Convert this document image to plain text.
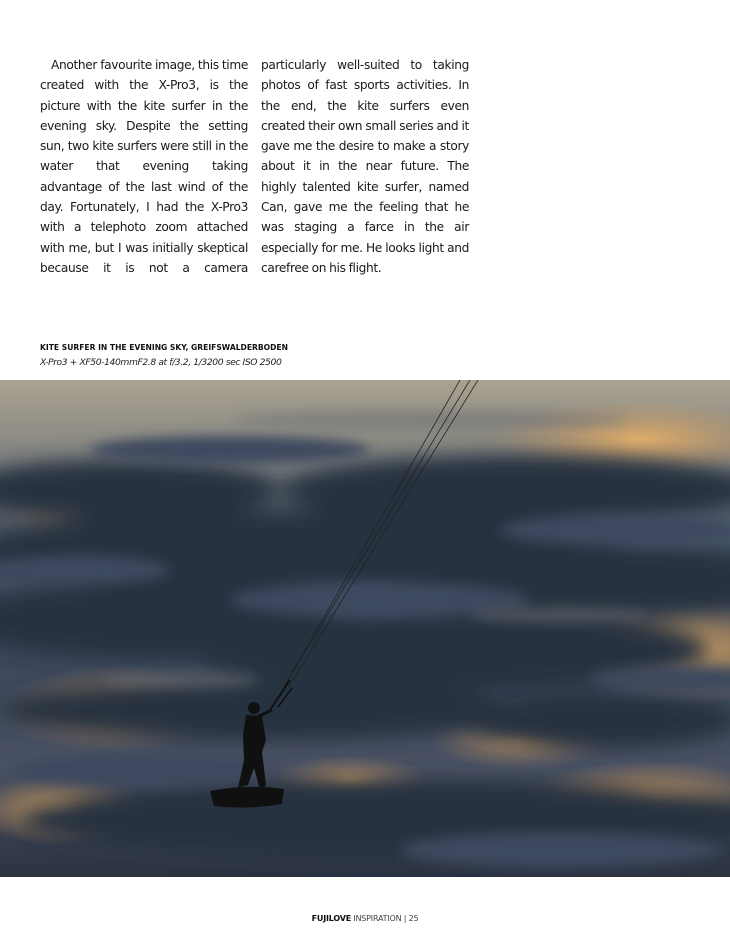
Another favourite image, this time created with the X-Pro3, is the picture with the kite surfer in the evening sky. Despite the setting sun, two kite surfers were still in the water that evening taking advantage of the last wind of the day. Fortunately, I had the X-Pro3 with a telephoto zoom attached with me, but I was initially skeptical because it is not a camera particularly well-suited to taking photos of fast sports activities. In the end, the kite surfers even created their own small series and it gave me the desire to make a story about it in the near future. The highly talented kite surfer, named Can, gave me the feeling that he was staging a farce in the air especially for me. He looks light and carefree on his flight.

KITE SURFER IN THE EVENING SKY, GREIFSWALDERBODEN
X-Pro3 + XF50-140mmF2.8 at f/3.2, 1/3200 sec ISO 2500
FUJILOVE INSPIRATION | 25
